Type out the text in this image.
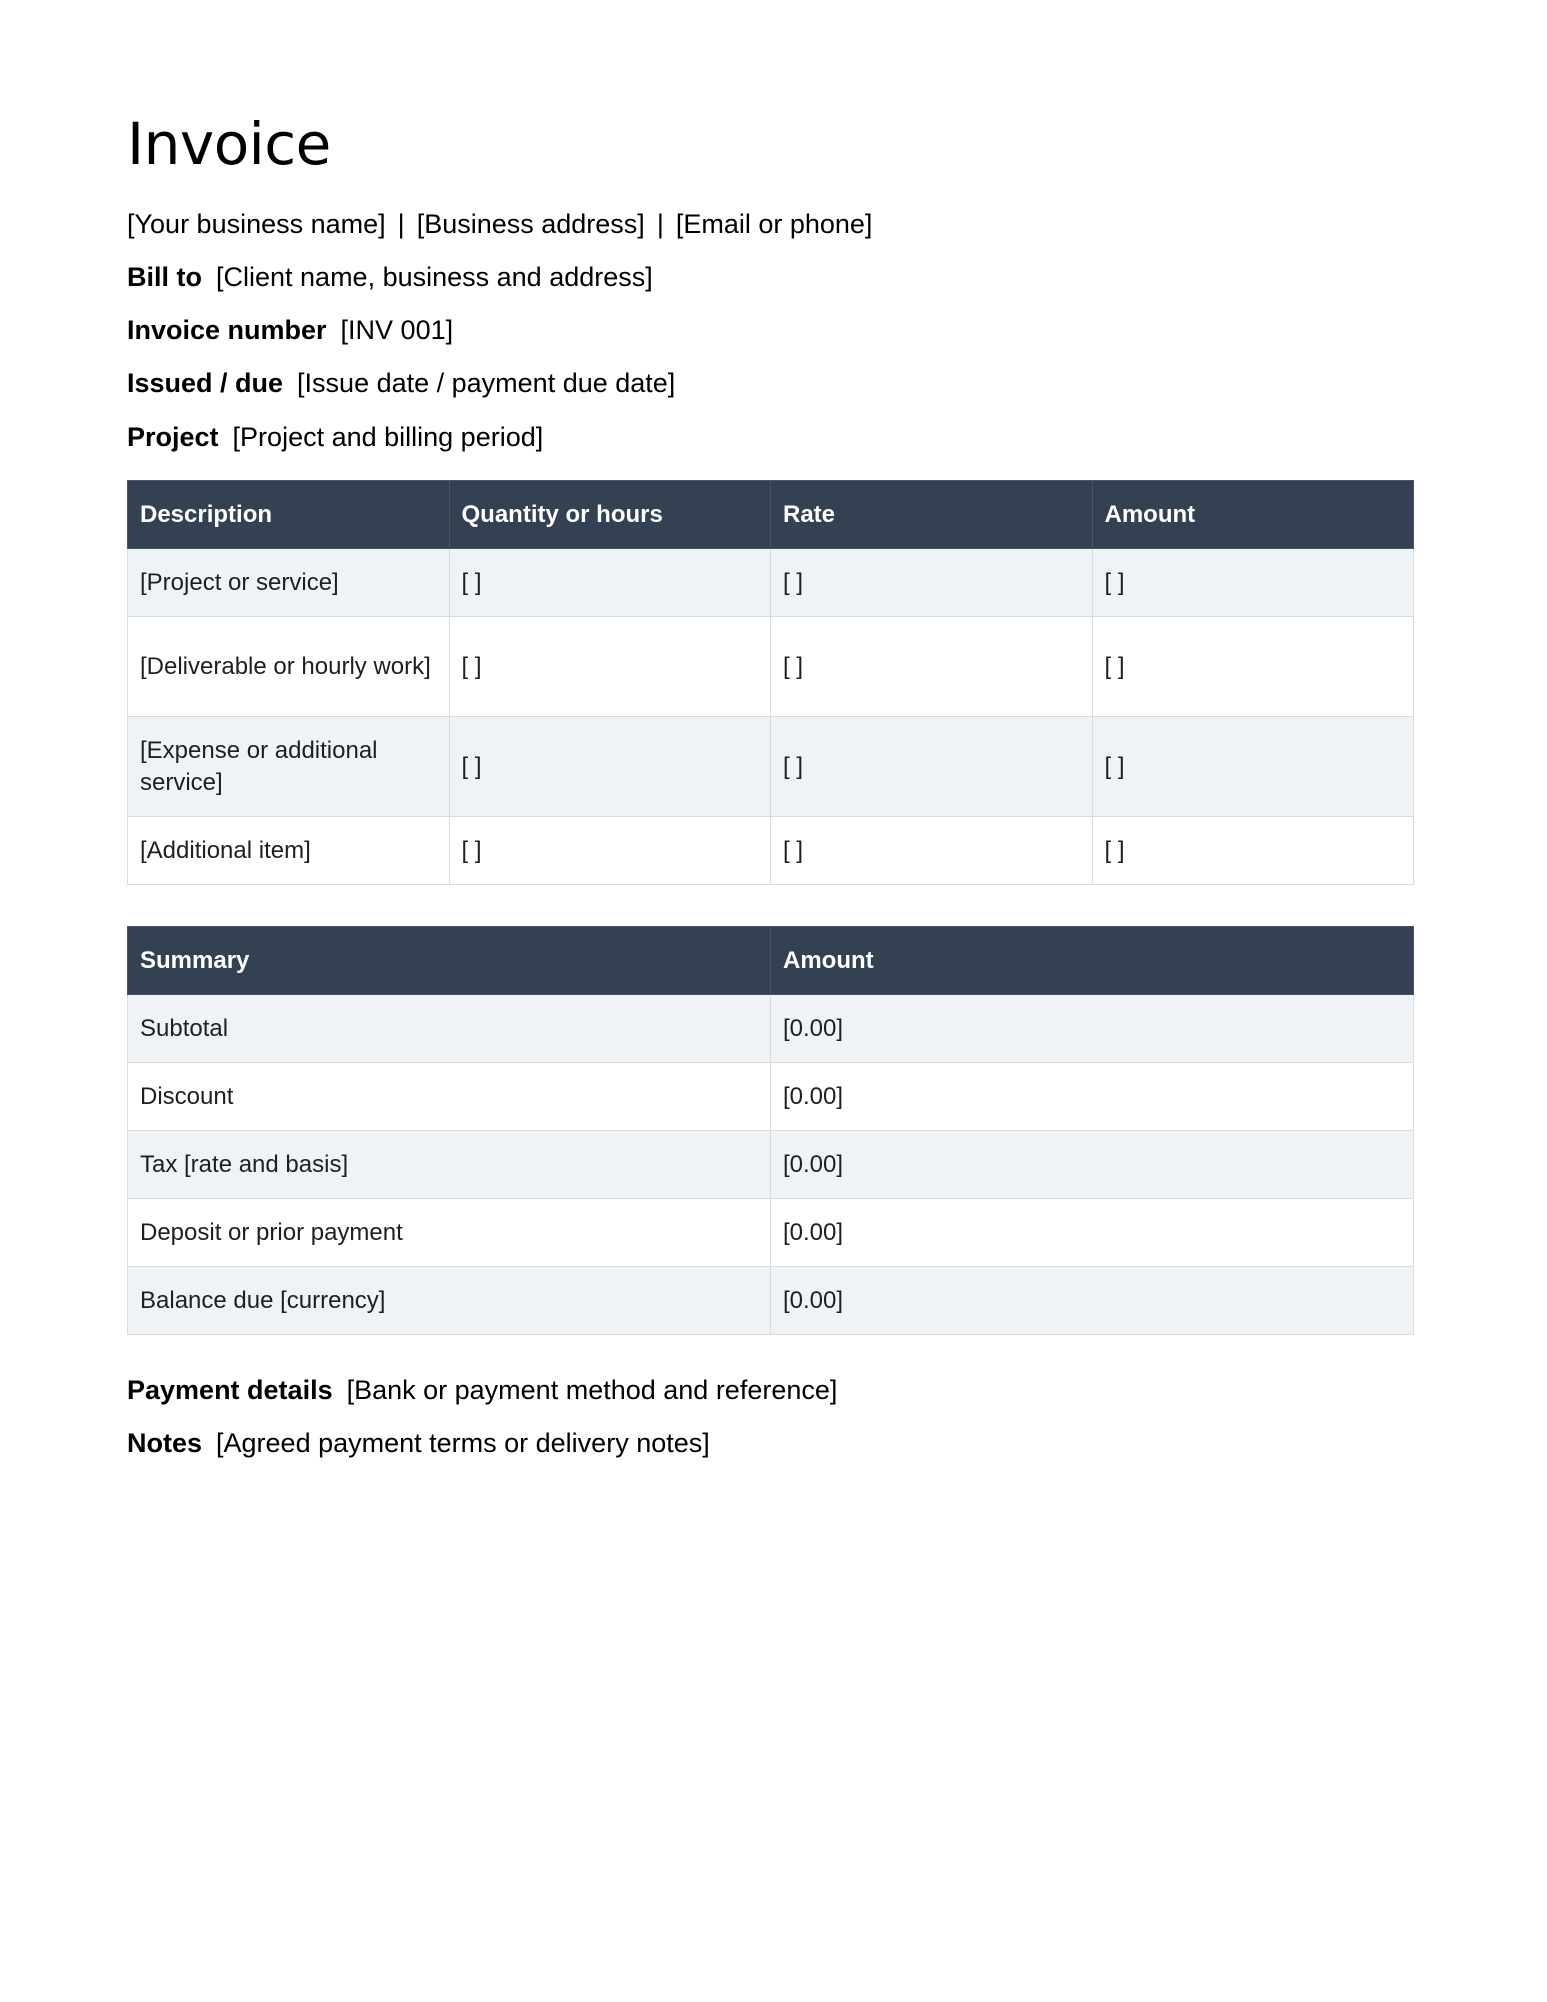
Invoice
[Your business name] | [Business address] | [Email or phone]
Bill to [Client name, business and address]
Invoice number [INV 001]
Issued / due [Issue date / payment due date]
Project [Project and billing period]
Description	Quantity or hours	Rate	Amount
[Project or service]	[ ]	[ ]	[ ]
[Deliverable or hourly work]	[ ]	[ ]	[ ]
[Expense or additional service]	[ ]	[ ]	[ ]
[Additional item]	[ ]	[ ]	[ ]
Summary	Amount
Subtotal	[0.00]
Discount	[0.00]
Tax [rate and basis]	[0.00]
Deposit or prior payment	[0.00]
Balance due [currency]	[0.00]
Payment details [Bank or payment method and reference]
Notes [Agreed payment terms or delivery notes]
